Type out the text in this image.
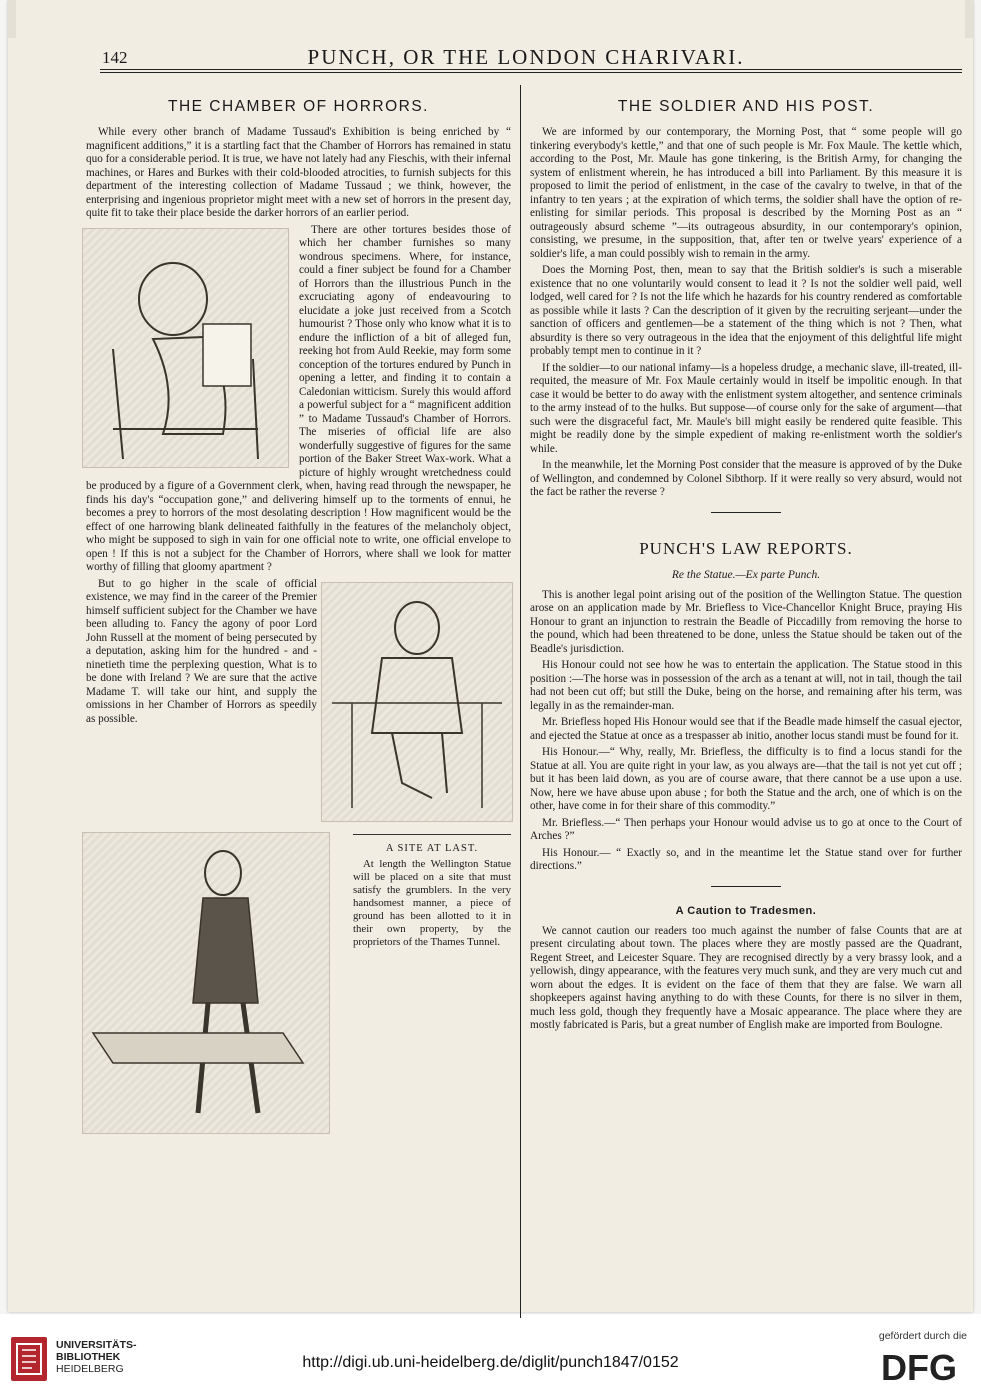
142	PUNCH, OR THE LONDON CHARIVARI.
THE CHAMBER OF HORRORS.

While every other branch of Madame Tussaud's Exhibition is being enriched by “ magnificent additions,” it is a startling fact that the Chamber of Horrors has remained in statu quo for a considerable period. It is true, we have not lately had any Fieschis, with their infernal machines, or Hares and Burkes with their cold-blooded atrocities, to furnish subjects for this department of the interesting collection of Madame Tussaud ; we think, however, the enterprising and ingenious proprietor might meet with a new set of horrors in the present day, quite fit to take their place beside the darker horrors of an earlier period.

There are other tortures besides those of which her chamber furnishes so many wondrous specimens. Where, for instance, could a finer subject be found for a Chamber of Horrors than the illustrious Punch in the excruciating agony of endeavouring to elucidate a joke just received from a Scotch humourist ? Those only who know what it is to endure the infliction of a bit of alleged fun, reeking hot from Auld Reekie, may form some conception of the tortures endured by Punch in opening a letter, and finding it to contain a Caledonian witticism. Surely this would afford a powerful subject for a “ magnificent addition ” to Madame Tussaud's Chamber of Horrors. The miseries of official life are also wonderfully suggestive of figures for the same portion of the Baker Street Wax-work. What a picture of highly wrought wretchedness could be produced by a figure of a Government clerk, when, having read through the newspaper, he finds his day's “occupation gone,” and delivering himself up to the torments of ennui, he becomes a prey to horrors of the most desolating description ! How magnificent would be the effect of one harrowing blank delineated faithfully in the features of the melancholy object, who might be supposed to sigh in vain for one official note to write, one official envelope to open ! If this is not a subject for the Chamber of Horrors, where shall we look for matter worthy of filling that gloomy apartment ?

But to go higher in the scale of official existence, we may find in the career of the Premier himself sufficient subject for the Chamber we have been alluding to. Fancy the agony of poor Lord John Russell at the moment of being persecuted by a deputation, asking him for the hundred - and - ninetieth time the perplexing question, What is to be done with Ireland ? We are sure that the active Madame T. will take our hint, and supply the omissions in her Chamber of Horrors as speedily as possible.

A SITE AT LAST.

At length the Wellington Statue will be placed on a site that must satisfy the grumblers. In the very handsomest manner, a piece of ground has been allotted to it in their own property, by the proprietors of the Thames Tunnel.

THE SOLDIER AND HIS POST.

We are informed by our contemporary, the Morning Post, that “ some people will go tinkering everybody's kettle,” and that one of such people is Mr. Fox Maule. The kettle which, according to the Post, Mr. Maule has gone tinkering, is the British Army, for changing the system of enlistment wherein, he has introduced a bill into Parliament. By this measure it is proposed to limit the period of enlistment, in the case of the cavalry to twelve, in that of the infantry to ten years ; at the expiration of which terms, the soldier shall have the option of re-enlisting for similar periods. This proposal is described by the Morning Post as an “ outrageously absurd scheme ”—its outrageous absurdity, in our contemporary's opinion, consisting, we presume, in the supposition, that, after ten or twelve years' experience of a soldier's life, a man could possibly wish to remain in the army.

Does the Morning Post, then, mean to say that the British soldier's is such a miserable existence that no one voluntarily would consent to lead it ? Is not the soldier well paid, well lodged, well cared for ? Is not the life which he hazards for his country rendered as comfortable as possible while it lasts ? Can the description of it given by the recruiting serjeant—under the sanction of officers and gentlemen—be a statement of the thing which is not ? Then, what absurdity is there so very outrageous in the idea that the enjoyment of this delightful life might probably tempt men to continue in it ?

If the soldier—to our national infamy—is a hopeless drudge, a mechanic slave, ill-treated, ill-requited, the measure of Mr. Fox Maule certainly would in itself be impolitic enough. In that case it would be better to do away with the enlistment system altogether, and sentence criminals to the army instead of to the hulks. But suppose—of course only for the sake of argument—that such were the disgraceful fact, Mr. Maule's bill might easily be rendered quite feasible. This might be readily done by the simple expedient of making re-enlistment worth the soldier's while.

In the meanwhile, let the Morning Post consider that the measure is approved of by the Duke of Wellington, and condemned by Colonel Sibthorp. If it were really so very absurd, would not the fact be rather the reverse ?

PUNCH'S LAW REPORTS.
Re the Statue.—Ex parte Punch.

This is another legal point arising out of the position of the Wellington Statue. The question arose on an application made by Mr. Briefless to Vice-Chancellor Knight Bruce, praying His Honour to grant an injunction to restrain the Beadle of Piccadilly from removing the horse to the pound, which had been threatened to be done, unless the Statue should be taken out of the Beadle's jurisdiction.

His Honour could not see how he was to entertain the application. The Statue stood in this position :—The horse was in possession of the arch as a tenant at will, not in tail, though the tail had not been cut off; but still the Duke, being on the horse, and remaining after his term, was legally in as the remainder-man.

Mr. Briefless hoped His Honour would see that if the Beadle made himself the casual ejector, and ejected the Statue at once as a trespasser ab initio, another locus standi must be found for it.

His Honour.—“ Why, really, Mr. Briefless, the difficulty is to find a locus standi for the Statue at all. You are quite right in your law, as you always are—that the tail is not yet cut off ; but it has been laid down, as you are of course aware, that there cannot be a use upon a use. Now, here we have abuse upon abuse ; for both the Statue and the arch, one of which is on the other, have come in for their share of this commodity.”

Mr. Briefless.—“ Then perhaps your Honour would advise us to go at once to the Court of Arches ?”

His Honour.— “ Exactly so, and in the meantime let the Statue stand over for further directions.”

A Caution to Tradesmen.

We cannot caution our readers too much against the number of false Counts that are at present circulating about town. The places where they are mostly passed are the Quadrant, Regent Street, and Leicester Square. They are recognised directly by a very brassy look, and a yellowish, dingy appearance, with the features very much sunk, and they are very much cut and worn about the edges. It is evident on the face of them that they are false. We warn all shopkeepers against having anything to do with these Counts, for there is no silver in them, much less gold, though they frequently have a Mosaic appearance. The place where they are mostly fabricated is Paris, but a great number of English make are imported from Boulogne.

UNIVERSITÄTS-
BIBLIOTHEK
HEIDELBERG	http://digi.ub.uni-heidelberg.de/diglit/punch1847/0152
gefördert durch die
DFG
